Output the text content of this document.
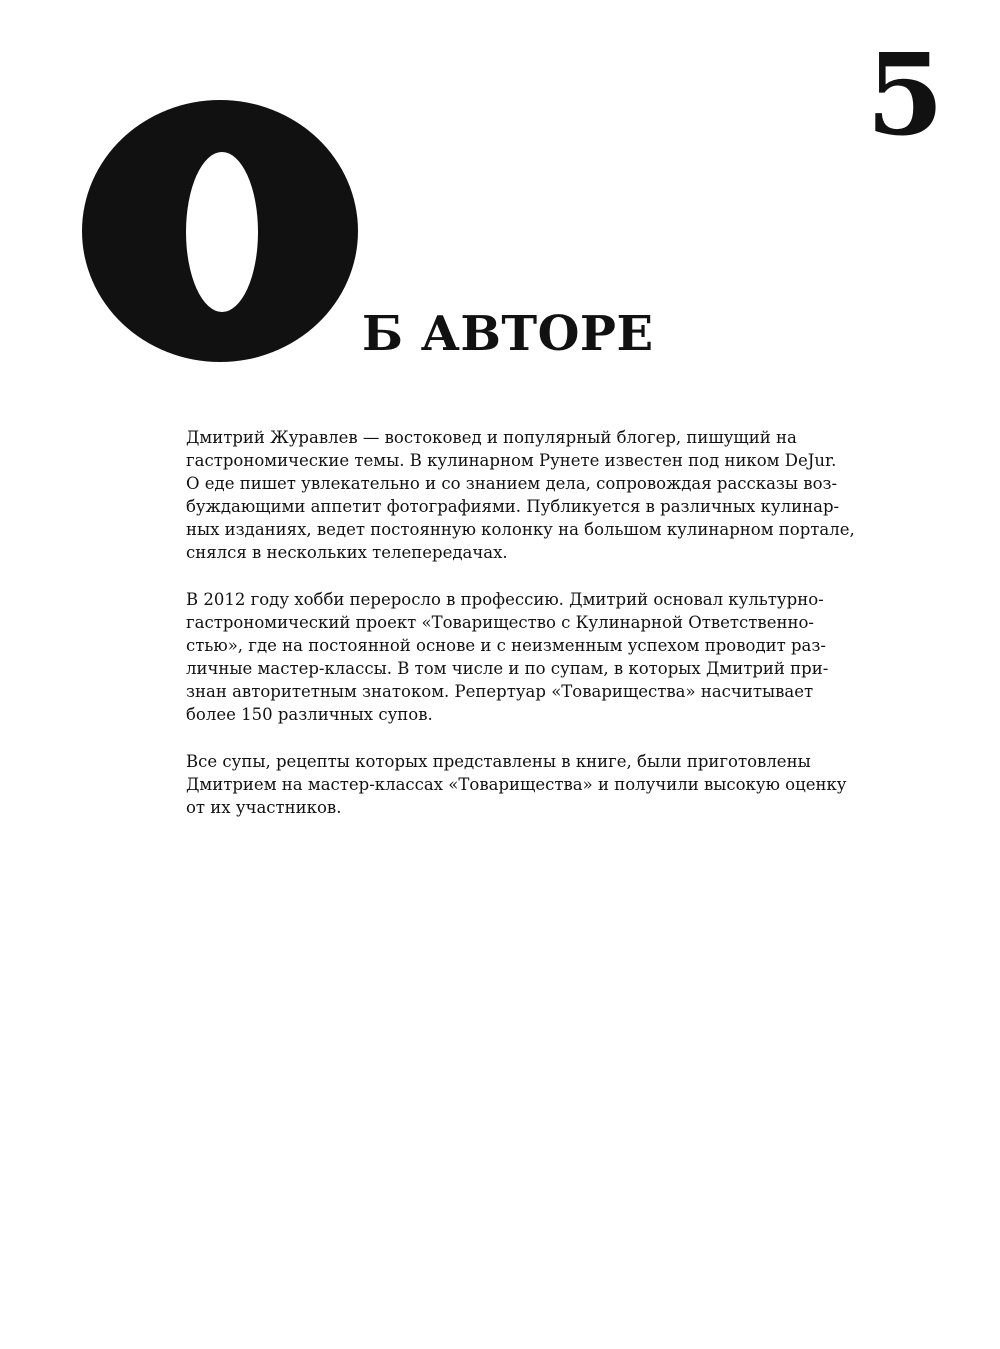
5
Б АВТОРЕ

Дмитрий Журавлев — востоковед и популярный блогер, пишущий на
гастрономические темы. В кулинарном Рунете известен под ником DeJur.
О еде пишет увлекательно и со знанием дела, сопровождая рассказы воз-
буждающими аппетит фотографиями. Публикуется в различных кулинар-
ных изданиях, ведет постоянную колонку на большом кулинарном портале,
снялся в нескольких телепередачах.

В 2012 году хобби переросло в профессию. Дмитрий основал культурно-
гастрономический проект «Товарищество с Кулинарной Ответственно-
стью», где на постоянной основе и с неизменным успехом проводит раз-
личные мастер-классы. В том числе и по супам, в которых Дмитрий при-
знан авторитетным знатоком. Репертуар «Товарищества» насчитывает
более 150 различных супов.

Все супы, рецепты которых представлены в книге, были приготовлены
Дмитрием на мастер-классах «Товарищества» и получили высокую оценку
от их участников.
